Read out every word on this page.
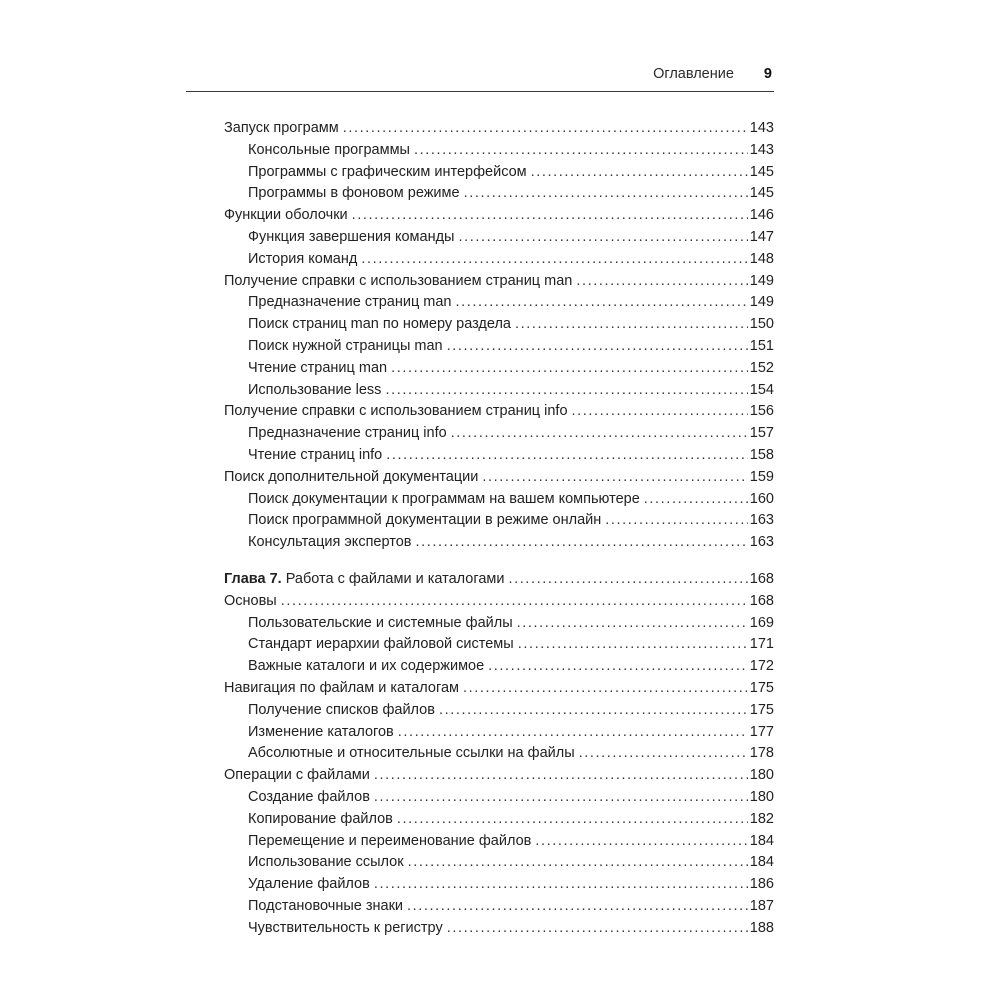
Оглавление 9
Запуск программ .....	143
Консольные программы .....	143
Программы с графическим интерфейсом .....	145
Программы в фоновом режиме .....	145
Функции оболочки .....	146
Функция завершения команды .....	147
История команд .....	148
Получение справки с использованием страниц man .....	149
Предназначение страниц man .....	149
Поиск страниц man по номеру раздела .....	150
Поиск нужной страницы man .....	151
Чтение страниц man .....	152
Использование less .....	154
Получение справки с использованием страниц info .....	156
Предназначение страниц info .....	157
Чтение страниц info .....	158
Поиск дополнительной документации .....	159
Поиск документации к программам на вашем компьютере .....	160
Поиск программной документации в режиме онлайн .....	163
Консультация экспертов .....	163
Глава 7. Работа с файлами и каталогами .....	168
Основы .....	168
Пользовательские и системные файлы .....	169
Стандарт иерархии файловой системы .....	171
Важные каталоги и их содержимое .....	172
Навигация по файлам и каталогам .....	175
Получение списков файлов .....	175
Изменение каталогов .....	177
Абсолютные и относительные ссылки на файлы .....	178
Операции с файлами .....	180
Создание файлов .....	180
Копирование файлов .....	182
Перемещение и переименование файлов .....	184
Использование ссылок .....	184
Удаление файлов .....	186
Подстановочные знаки .....	187
Чувствительность к регистру .....	188
